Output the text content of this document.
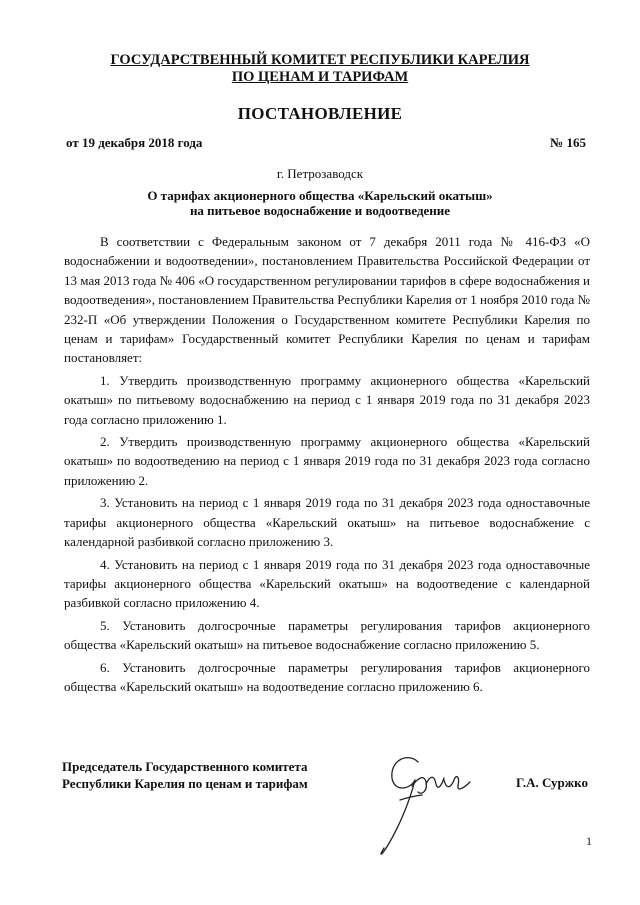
ГОСУДАРСТВЕННЫЙ КОМИТЕТ РЕСПУБЛИКИ КАРЕЛИЯ
ПО ЦЕНАМ И ТАРИФАМ
ПОСТАНОВЛЕНИЕ
от 19 декабря 2018 года	№ 165
г. Петрозаводск
О тарифах акционерного общества «Карельский окатыш»
на питьевое водоснабжение и водоотведение

В соответствии с Федеральным законом от 7 декабря 2011 года № 416-ФЗ «О водоснабжении и водоотведении», постановлением Правительства Российской Федерации от 13 мая 2013 года № 406 «О государственном регулировании тарифов в сфере водоснабжения и водоотведения», постановлением Правительства Республики Карелия от 1 ноября 2010 года № 232-П «Об утверждении Положения о Государственном комитете Республики Карелия по ценам и тарифам» Государственный комитет Республики Карелия по ценам и тарифам постановляет:

1. Утвердить производственную программу акционерного общества «Карельский окатыш» по питьевому водоснабжению на период с 1 января 2019 года по 31 декабря 2023 года согласно приложению 1.

2. Утвердить производственную программу акционерного общества «Карельский окатыш» по водоотведению на период с 1 января 2019 года по 31 декабря 2023 года согласно приложению 2.

3. Установить на период с 1 января 2019 года по 31 декабря 2023 года одноставочные тарифы акционерного общества «Карельский окатыш» на питьевое водоснабжение с календарной разбивкой согласно приложению 3.

4. Установить на период с 1 января 2019 года по 31 декабря 2023 года одноставочные тарифы акционерного общества «Карельский окатыш» на водоотведение с календарной разбивкой согласно приложению 4.

5. Установить долгосрочные параметры регулирования тарифов акционерного общества «Карельский окатыш» на питьевое водоснабжение согласно приложению 5.

6. Установить долгосрочные параметры регулирования тарифов акционерного общества «Карельский окатыш» на водоотведение согласно приложению 6.

Председатель Государственного комитета
Республики Карелия по ценам и тарифам	Г.А. Суржко
1
